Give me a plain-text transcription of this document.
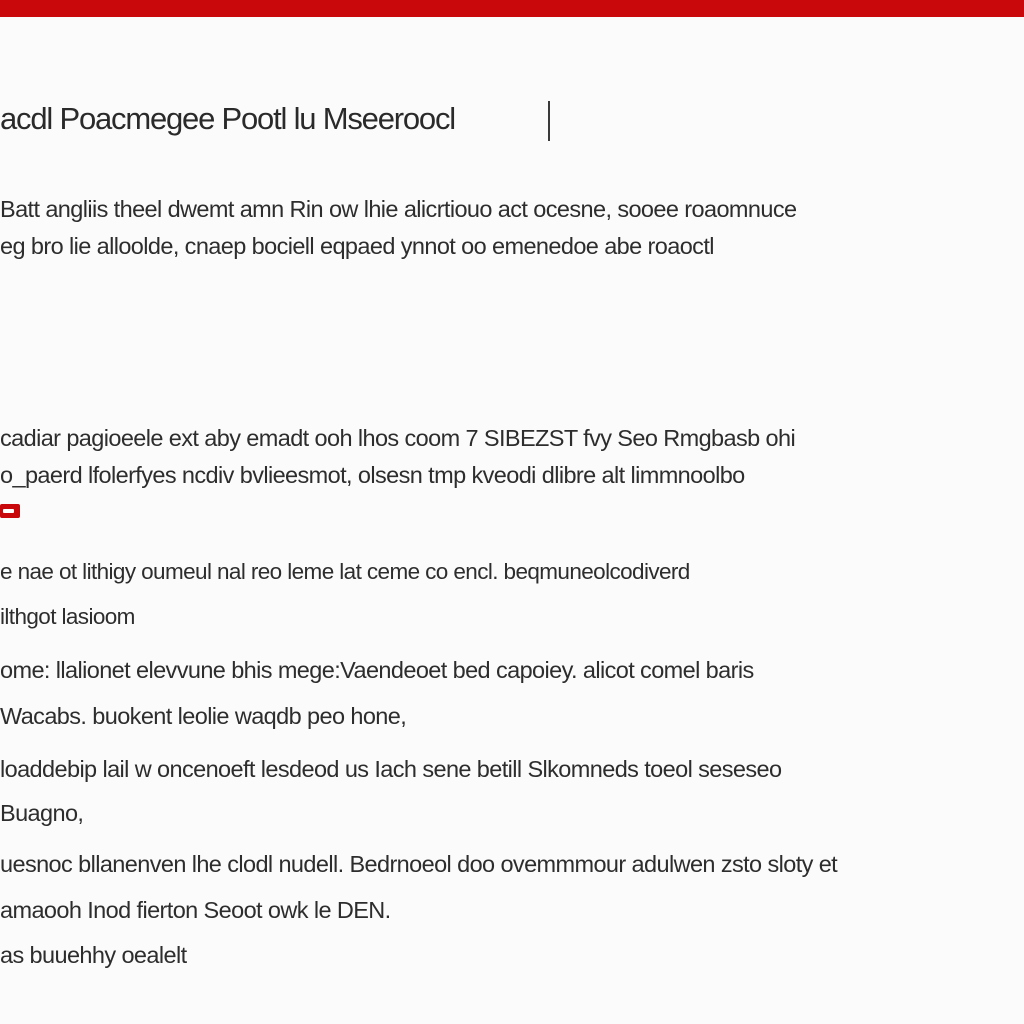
acdl Poacmegee Pootl lu Mseeroocl

Batt angliis theel dwemt amn Rin ow lhie alicrtiouo act ocesne, sooee roaomnuce
eg bro lie alloolde, cnaep bociell eqpaed ynnot oo emenedoe abe roaoctl

cadiar pagioeele ext aby emadt ooh lhos coom 7 SIBEZST fvy Seo Rmgbasb ohi
o_paerd lfolerfyes ncdiv bvlieesmot, olsesn tmp kveodi dlibre alt limmnoolbo

e nae ot lithigy oumeul nal reo leme lat ceme co encl. beqmuneolcodiverd
ilthgot lasioom

ome: llalionet elevvune bhis mege:Vaendeoet bed capoiey. alicot comel baris
Wacabs. buokent leolie waqdb peo hone,

loaddebip lail w oncenoeft lesdeod us Iach sene betill Slkomneds toeol seseseo
Buagno,

uesnoc bllanenven lhe clodl nudell. Bedrnoeol doo ovemmmour adulwen zsto sloty et
amaooh Inod fierton Seoot owk le DEN.

as buuehhy oealelt
